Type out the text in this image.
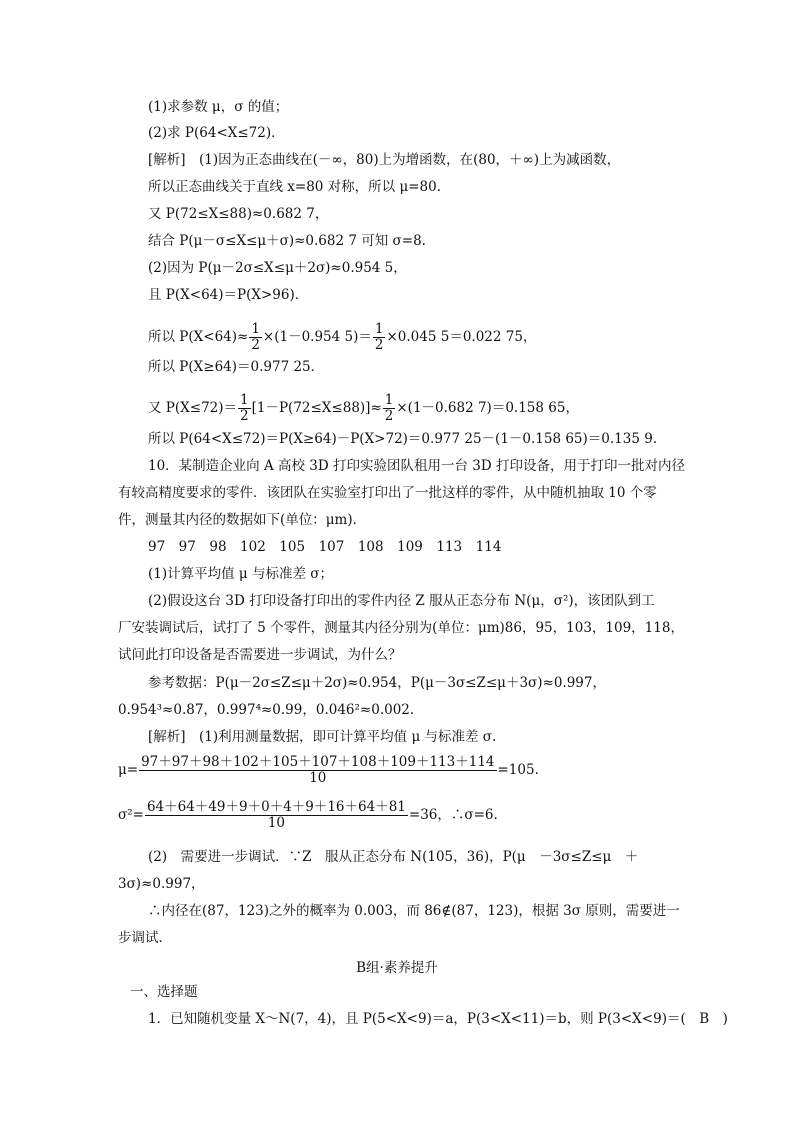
(1)求参数 μ，σ 的值；
(2)求 P(64<X≤72)．
[解析]　(1)因为正态曲线在(－∞，80)上为增函数，在(80，＋∞)上为减函数，
所以正态曲线关于直线 x=80 对称，所以 μ=80.
又 P(72≤X≤88)≈0.682 7，
结合 P(μ－σ≤X≤μ＋σ)≈0.682 7 可知 σ=8.
(2)因为 P(μ－2σ≤X≤μ＋2σ)≈0.954 5，
且 P(X<64)＝P(X>96)．
所以 $P(X<64)\approx \frac{1}{2} \times(1-0.954$ $5)= \frac{1}{2} \times 0.045$ 5＝0.022 75，
所以 P(X≥64)＝0.977 25．
又 $P(X\le 72)= \frac{1}{2} [1-P(72\le X\le 88)]\approx \frac{1}{2} \times(1-0.682$ 7)＝0.158 65，
所以 P(64<X≤72)＝P(X≥64)－P(X>72)＝0.977 25－(1－0.158 65)＝0.135 9.
10．某制造企业向 A 高校 3D 打印实验团队租用一台 3D 打印设备，用于打印一批对内径
有较高精度要求的零件．该团队在实验室打印出了一批这样的零件，从中随机抽取 10 个零
件，测量其内径的数据如下(单位：μm)．
97　97　98　102　105　107　108　109　113　114
(1)计算平均值 μ 与标准差 σ；
(2)假设这台 3D 打印设备打印出的零件内径 Z 服从正态分布 N(μ，σ²)，该团队到工
厂安装调试后，试打了 5 个零件，测量其内径分别为(单位：μm)86，95，103，109，118，
试问此打印设备是否需要进一步调试，为什么？
参考数据：P(μ－2σ≤Z≤μ＋2σ)≈0.954，P(μ－3σ≤Z≤μ＋3σ)≈0.997，
0.954³≈0.87，0.997⁴≈0.99，0.046²≈0.002.
[解析]　(1)利用测量数据，即可计算平均值 μ 与标准差 σ.
$\mu= \frac{97+97+98+102+105+107+108+109+113+114}{10} =105$.
$\sigma^2= \frac{64+64+49+9+0+4+9+16+64+81}{10} =36$，∴σ=6.
(2)　需要进一步调试．∵Z　服从正态分布 N(105，36)，P(μ　－3σ≤Z≤μ　＋
3σ)≈0.997，
∴内径在(87，123)之外的概率为 0.003，而 86∉(87，123)，根据 3σ 原则，需要进一
步调试．
B组·素养提升
一、选择题
1．已知随机变量 X～N(7，4)，且 P(5<X<9)＝a，P(3<X<11)＝b，则 P(3<X<9)＝(　B　)
